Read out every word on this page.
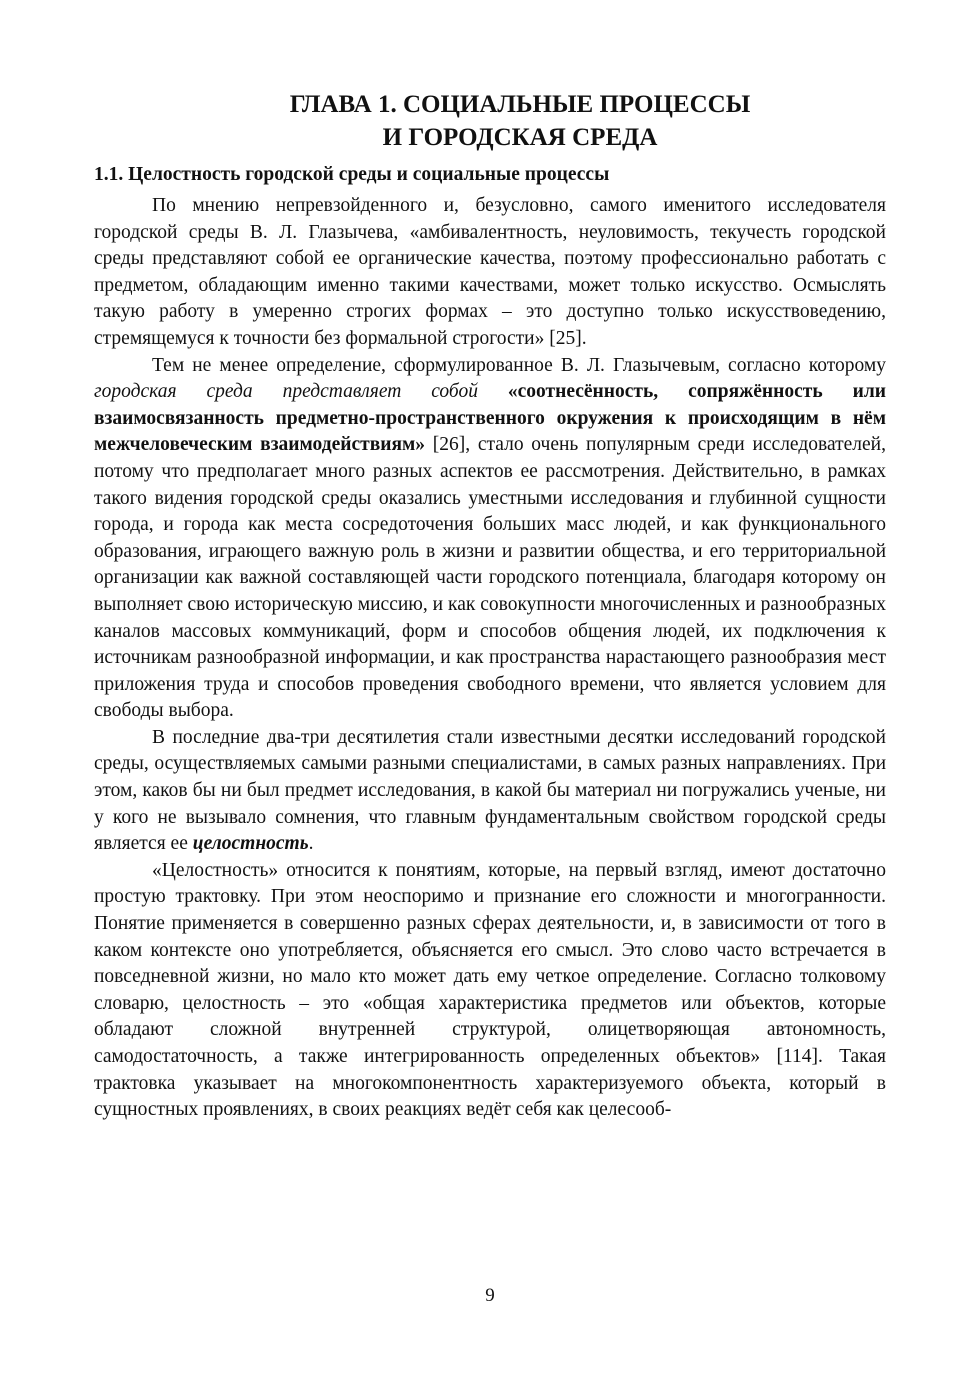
ГЛАВА 1. СОЦИАЛЬНЫЕ ПРОЦЕССЫ
И ГОРОДСКАЯ СРЕДА
1.1. Целостность городской среды и социальные процессы

По мнению непревзойденного и, безусловно, самого именитого исследователя городской среды В. Л. Глазычева, «амбивалентность, неуловимость, текучесть городской среды представляют собой ее органические качества, поэтому профессионально работать с предметом, обладающим именно такими качествами, может только искусство. Осмыслять такую работу в умеренно строгих формах – это доступно только искусствоведению, стремящемуся к точности без формальной строгости» [25].

Тем не менее определение, сформулированное В. Л. Глазычевым, согласно которому городская среда представляет собой «соотнесённость, сопряжённость или взаимосвязанность предметно-пространственного окружения к происходящим в нём межчеловеческим взаимодействиям» [26], стало очень популярным среди исследователей, потому что предполагает много разных аспектов ее рассмотрения. Действительно, в рамках такого видения городской среды оказались уместными исследования и глубинной сущности города, и города как места сосредоточения больших масс людей, и как функционального образования, играющего важную роль в жизни и развитии общества, и его территориальной организации как важной составляющей части городского потенциала, благодаря которому он выполняет свою историческую миссию, и как совокупности многочисленных и разнообразных каналов массовых коммуникаций, форм и способов общения людей, их подключения к источникам разнообразной информации, и как пространства нарастающего разнообразия мест приложения труда и способов проведения свободного времени, что является условием для свободы выбора.

В последние два-три десятилетия стали известными десятки исследований городской среды, осуществляемых самыми разными специалистами, в самых разных направлениях. При этом, каков бы ни был предмет исследования, в какой бы материал ни погружались ученые, ни у кого не вызывало сомнения, что главным фундаментальным свойством городской среды является ее целостность.

«Целостность» относится к понятиям, которые, на первый взгляд, имеют достаточно простую трактовку. При этом неоспоримо и признание его сложности и многогранности. Понятие применяется в совершенно разных сферах деятельности, и, в зависимости от того в каком контексте оно употребляется, объясняется его смысл. Это слово часто встречается в повседневной жизни, но мало кто может дать ему четкое определение. Согласно толковому словарю, целостность – это «общая характеристика предметов или объектов, которые обладают сложной внутренней структурой, олицетворяющая автономность, самодостаточность, а также интегрированность определенных объектов» [114]. Такая трактовка указывает на многокомпонентность характеризуемого объекта, который в сущностных проявлениях, в своих реакциях ведёт себя как целесооб-

9
